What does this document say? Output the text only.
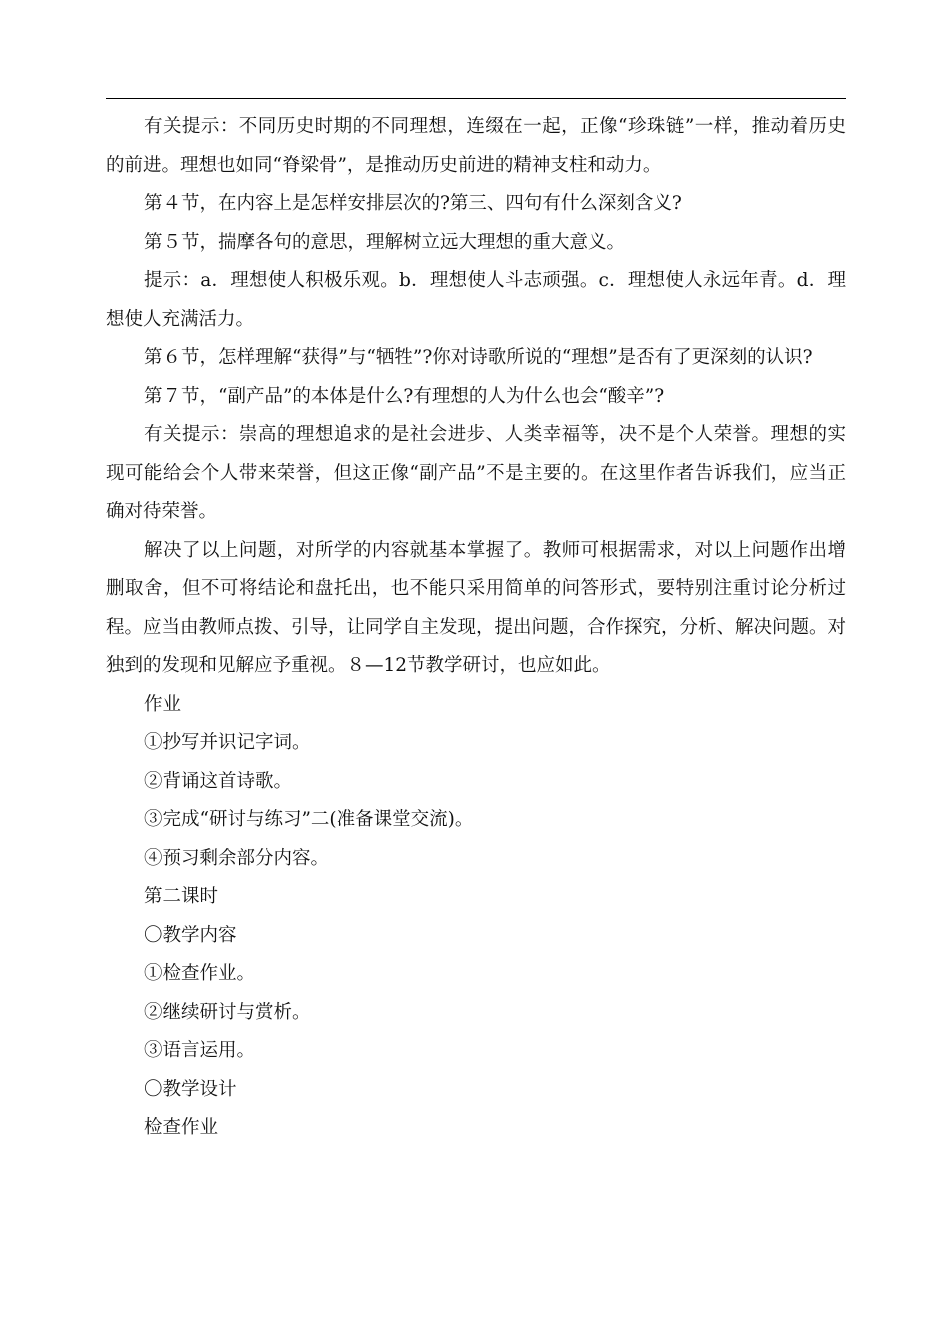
有关提示：不同历史时期的不同理想，连缀在一起，正像“珍珠链”一样，推动着历史的前进。理想也如同“脊梁骨”，是推动历史前进的精神支柱和动力。

第４节，在内容上是怎样安排层次的?第三、四句有什么深刻含义?

第５节，揣摩各句的意思，理解树立远大理想的重大意义。

提示：a．理想使人积极乐观。b．理想使人斗志顽强。c．理想使人永远年青。d．理想使人充满活力。

第６节，怎样理解“获得”与“牺牲”?你对诗歌所说的“理想”是否有了更深刻的认识?

第７节，“副产品”的本体是什么?有理想的人为什么也会“酸辛”?

有关提示：崇高的理想追求的是社会进步、人类幸福等，决不是个人荣誉。理想的实现可能给会个人带来荣誉，但这正像“副产品”不是主要的。在这里作者告诉我们，应当正确对待荣誉。

解决了以上问题，对所学的内容就基本掌握了。教师可根据需求，对以上问题作出增删取舍，但不可将结论和盘托出，也不能只采用简单的问答形式，要特别注重讨论分析过程。应当由教师点拨、引导，让同学自主发现，提出问题，合作探究，分析、解决问题。对独到的发现和见解应予重视。８—12节教学研讨，也应如此。

作业

①抄写并识记字词。

②背诵这首诗歌。

③完成“研讨与练习”二(准备课堂交流)。

④预习剩余部分内容。

第二课时

〇教学内容

①检查作业。

②继续研讨与赏析。

③语言运用。

〇教学设计

检查作业
